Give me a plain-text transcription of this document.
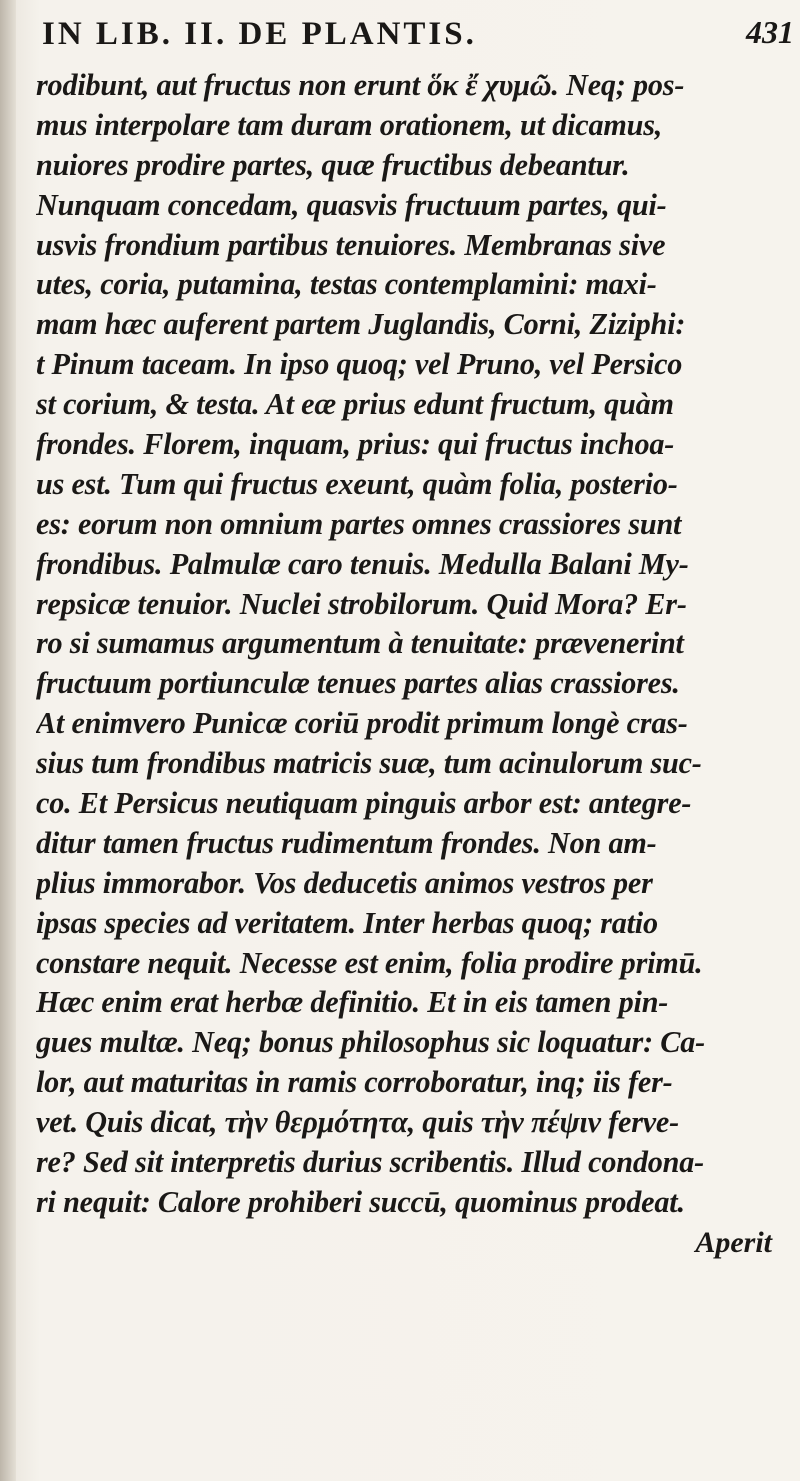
IN LIB. II. DE PLANTIS.	431
rodibunt, aut fructus non erunt ὅκ ἔ χυμῶ. Neq; pos-
mus interpolare tam duram orationem, ut dicamus,
nuiores prodire partes, quæ fructibus debeantur.
Nunquam concedam, quasvis fructuum partes, qui-
usvis frondium partibus tenuiores. Membranas sive
utes, coria, putamina, testas contemplamini: maxi-
mam hæc auferent partem Juglandis, Corni, Ziziphi:
t Pinum taceam. In ipso quoq; vel Pruno, vel Persico
st corium, & testa. At eæ prius edunt fructum, quàm
frondes. Florem, inquam, prius: qui fructus inchoa-
us est. Tum qui fructus exeunt, quàm folia, posterio-
es: eorum non omnium partes omnes crassiores sunt
frondibus. Palmulæ caro tenuis. Medulla Balani My-
repsicæ tenuior. Nuclei strobilorum. Quid Mora? Er-
ro si sumamus argumentum à tenuitate: prævenerint
fructuum portiunculæ tenues partes alias crassiores.
At enimvero Punicæ coriū prodit primum longè cras-
sius tum frondibus matricis suæ, tum acinulorum suc-
co. Et Persicus neutiquam pinguis arbor est: antegre-
ditur tamen fructus rudimentum frondes. Non am-
plius immorabor. Vos deducetis animos vestros per
ipsas species ad veritatem. Inter herbas quoq; ratio
constare nequit. Necesse est enim, folia prodire primū.
Hæc enim erat herbæ definitio. Et in eis tamen pin-
gues multæ. Neq; bonus philosophus sic loquatur: Ca-
lor, aut maturitas in ramis corroboratur, inq; iis fer-
vet. Quis dicat, τὴν θερμότητα, quis τὴν πέψιν ferve-
re? Sed sit interpretis durius scribentis. Illud condona-
ri nequit: Calore prohiberi succū, quominus prodeat.
Aperit
